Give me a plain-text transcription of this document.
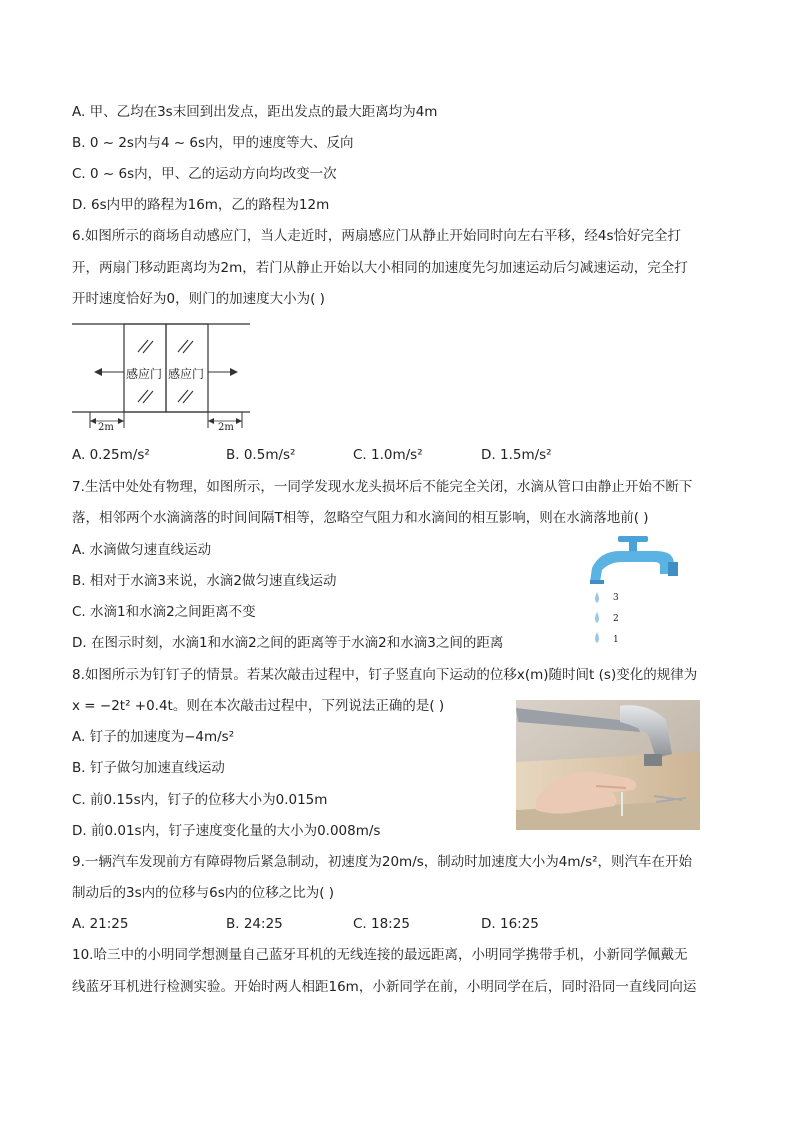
A. 甲、乙均在3s末回到出发点，距出发点的最大距离均为4m
B. 0 ~ 2s内与4 ~ 6s内，甲的速度等大、反向
C. 0 ~ 6s内，甲、乙的运动方向均改变一次
D. 6s内甲的路程为16m，乙的路程为12m
6.如图所示的商场自动感应门，当人走近时，两扇感应门从静止开始同时向左右平移，经4s恰好完全打
开，两扇门移动距离均为2m，若门从静止开始以大小相同的加速度先匀加速运动后匀减速运动，完全打
开时速度恰好为0，则门的加速度大小为( )
感应门 感应门
2m	2m
A. 0.25m/s²	B. 0.5m/s²	C. 1.0m/s²	D. 1.5m/s²
7.生活中处处有物理，如图所示，一同学发现水龙头损坏后不能完全关闭，水滴从管口由静止开始不断下
落，相邻两个水滴滴落的时间间隔T相等，忽略空气阻力和水滴间的相互影响，则在水滴落地前( )
A. 水滴做匀速直线运动
B. 相对于水滴3来说，水滴2做匀速直线运动
C. 水滴1和水滴2之间距离不变
D. 在图示时刻，水滴1和水滴2之间的距离等于水滴2和水滴3之间的距离
3
2
1
8.如图所示为钉钉子的情景。若某次敲击过程中，钉子竖直向下运动的位移x(m)随时间t (s)变化的规律为
x = −2t² +0.4t。则在本次敲击过程中，下列说法正确的是( )
A. 钉子的加速度为−4m/s²
B. 钉子做匀加速直线运动
C. 前0.15s内，钉子的位移大小为0.015m
D. 前0.01s内，钉子速度变化量的大小为0.008m/s
9.一辆汽车发现前方有障碍物后紧急制动，初速度为20m/s，制动时加速度大小为4m/s²，则汽车在开始
制动后的3s内的位移与6s内的位移之比为( )
A. 21:25	B. 24:25	C. 18:25	D. 16:25
10.哈三中的小明同学想测量自己蓝牙耳机的无线连接的最远距离，小明同学携带手机，小新同学佩戴无
线蓝牙耳机进行检测实验。开始时两人相距16m，小新同学在前，小明同学在后，同时沿同一直线同向运
